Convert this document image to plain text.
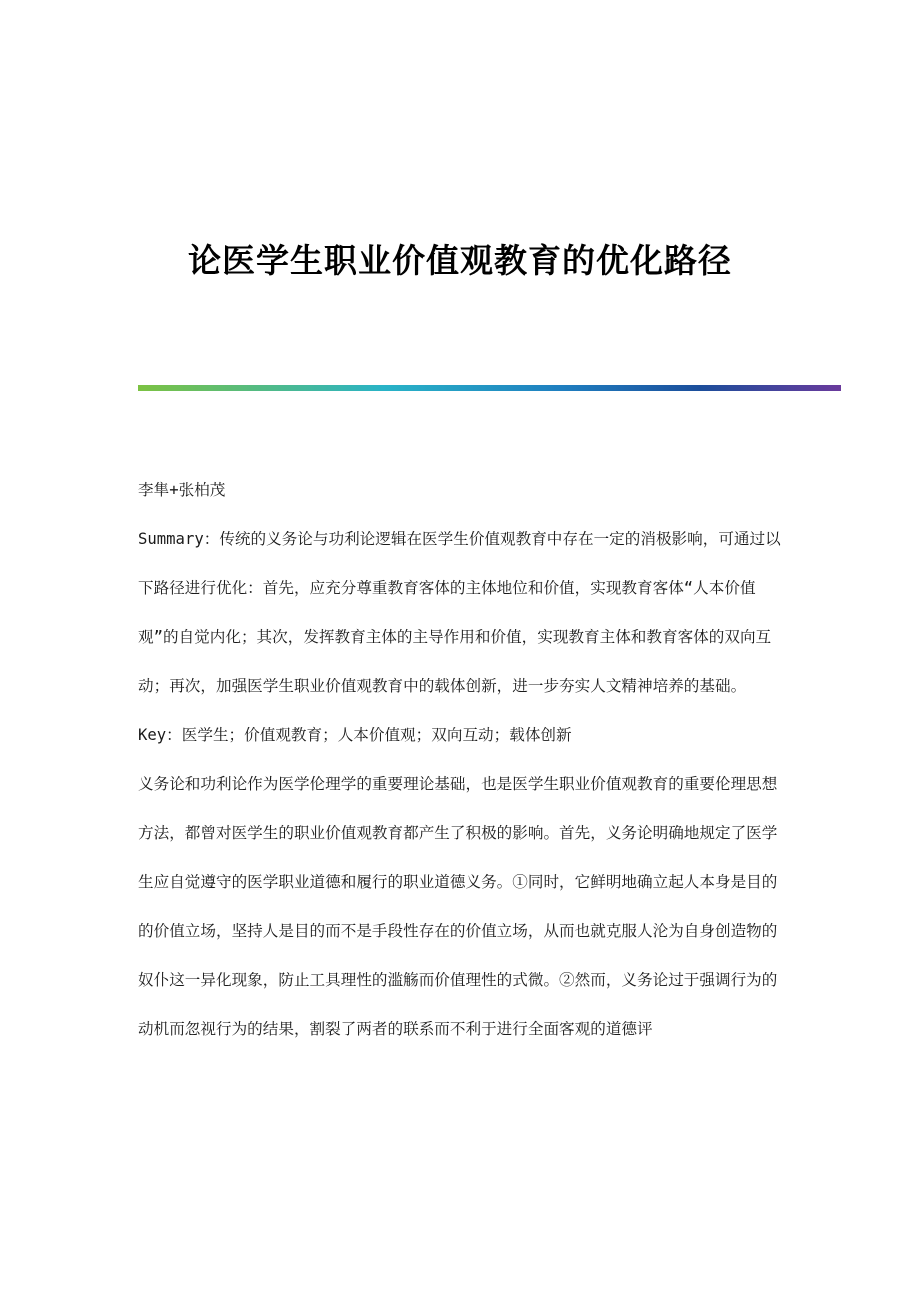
论医学生职业价值观教育的优化路径

李隼+张柏茂

Summary：传统的义务论与功利论逻辑在医学生价值观教育中存在一定的消极影响，可通过以下路径进行优化：首先，应充分尊重教育客体的主体地位和价值，实现教育客体“人本价值观”的自觉内化；其次，发挥教育主体的主导作用和价值，实现教育主体和教育客体的双向互动；再次，加强医学生职业价值观教育中的载体创新，进一步夯实人文精神培养的基础。

Key：医学生；价值观教育；人本价值观；双向互动；载体创新

义务论和功利论作为医学伦理学的重要理论基础，也是医学生职业价值观教育的重要伦理思想方法，都曾对医学生的职业价值观教育都产生了积极的影响。首先，义务论明确地规定了医学生应自觉遵守的医学职业道德和履行的职业道德义务。①同时，它鲜明地确立起人本身是目的的价值立场，坚持人是目的而不是手段性存在的价值立场，从而也就克服人沦为自身创造物的奴仆这一异化现象，防止工具理性的滥觞而价值理性的式微。②然而，义务论过于强调行为的动机而忽视行为的结果，割裂了两者的联系而不利于进行全面客观的道德评
